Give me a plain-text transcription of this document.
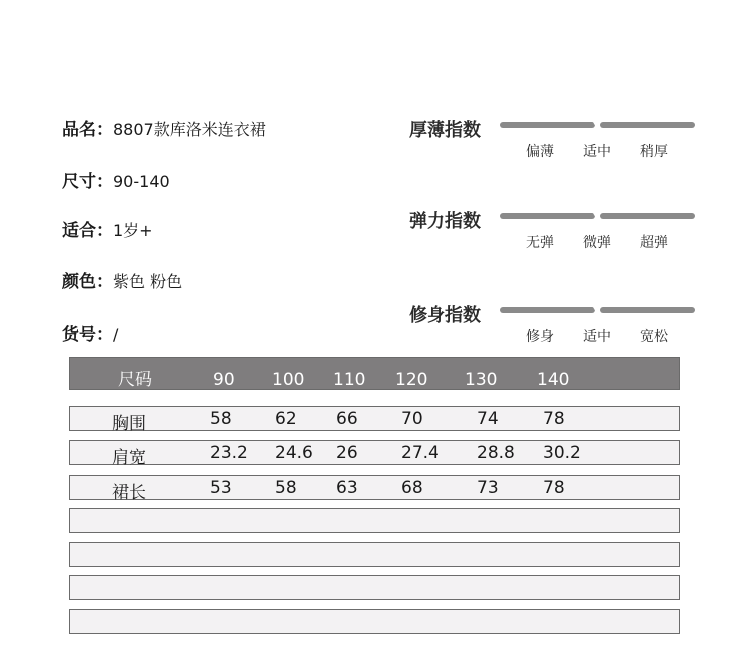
品名：8807款库洛米连衣裙
尺寸：90-140
适合：1岁+
颜色：紫色 粉色
货号：/
厚薄指数
偏薄 适中 稍厚
弹力指数
无弹 微弹 超弹
修身指数
修身 适中 宽松
尺码	90 100 110 120 130 140
胸围	58	62 66	70	74	78
肩宽	23.2 24.6 26	27.4 28.8 30.2
裙长	53	58 63	68	73	78
